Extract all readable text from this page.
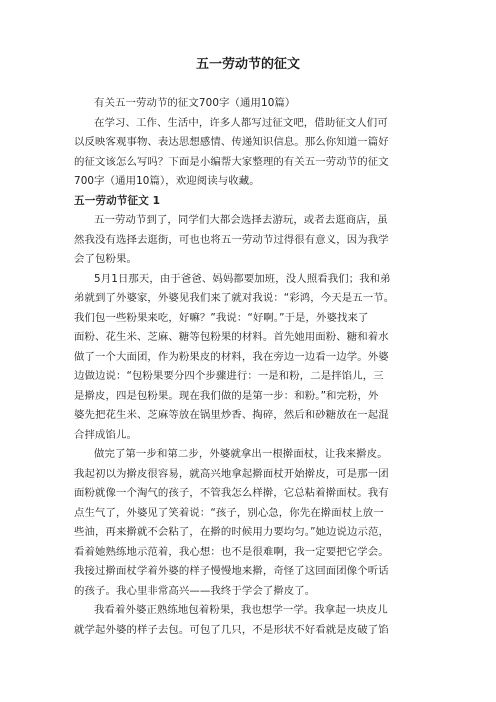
五一劳动节的征文
有关五一劳动节的征文700字（通用10篇）
在学习、工作、生活中，许多人都写过征文吧，借助征文人们可
以反映客观事物、表达思想感情、传递知识信息。那么你知道一篇好
的征文该怎么写吗？下面是小编帮大家整理的有关五一劳动节的征文
700字（通用10篇），欢迎阅读与收藏。
五一劳动节征文 1
五一劳动节到了，同学们大都会选择去游玩，或者去逛商店，虽
然我没有选择去逛街，可也也将五一劳动节过得很有意义，因为我学
会了包粉果。
5月1日那天，由于爸爸、妈妈都要加班，没人照看我们；我和弟
弟就到了外婆家，外婆见我们来了就对我说：“彩鸿，今天是五一节。
我们包一些粉果来吃，好嘛？”我说：“好啊。”于是，外婆找来了
面粉、花生米、芝麻、糖等包粉果的材料。首先她用面粉、糖和着水
做了一个大面团，作为粉果皮的材料，我在旁边一边看一边学。外婆
边做边说：“包粉果要分四个步骤进行：一是和粉，二是拌馅儿，三
是擀皮，四是包粉果。现在我们做的是第一步：和粉。”和完粉，外
婆先把花生米、芝麻等放在锅里炒香、掏碎，然后和砂糖放在一起混
合拌成馅儿。
做完了第一步和第二步，外婆就拿出一根擀面杖，让我来擀皮。
我起初以为擀皮很容易，就高兴地拿起擀面杖开始擀皮，可是那一团
面粉就像一个淘气的孩子，不管我怎么样擀，它总粘着擀面杖。我有
点生气了，外婆见了笑着说：“孩子，别心急，你先在擀面杖上放一
些油，再来擀就不会粘了，在擀的时候用力要均匀。”她边说边示范，
看着她熟练地示范着，我心想：也不是很难啊，我一定要把它学会。
我接过擀面杖学着外婆的样子慢慢地来擀，奇怪了这回面团像个听话
的孩子。我心里非常高兴——我终于学会了擀皮了。
我看着外婆正熟练地包着粉果，我也想学一学。我拿起一块皮儿
就学起外婆的样子去包。可包了几只，不是形状不好看就是皮破了馅
